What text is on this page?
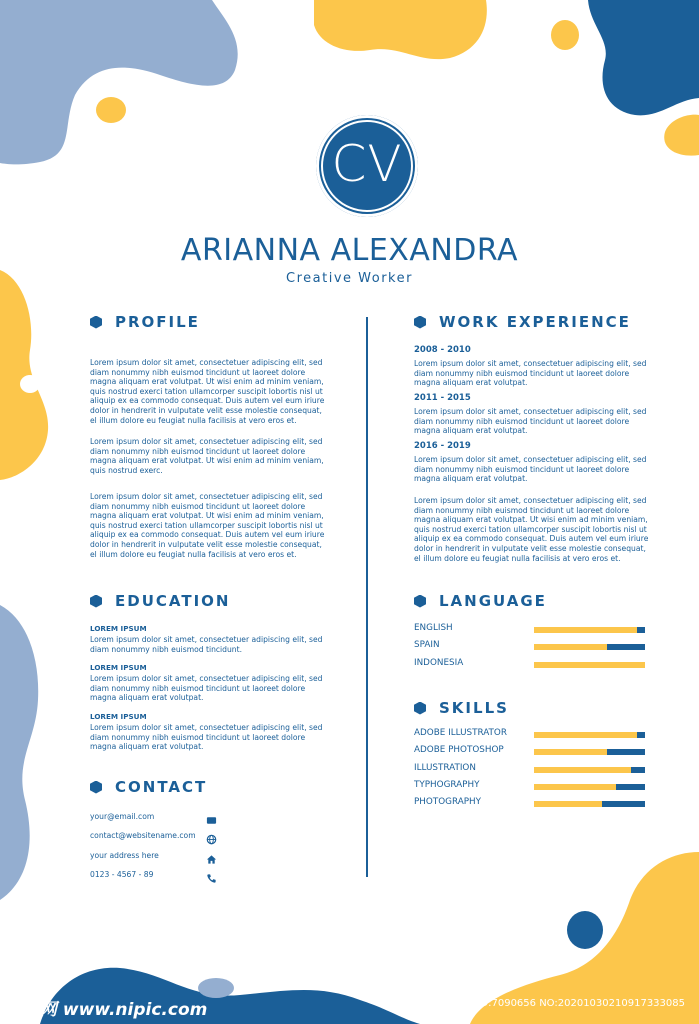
CV
ARIANNA ALEXANDRA
Creative Worker
PROFILE
Lorem ipsum dolor sit amet, consectetuer adipiscing elit, sed
diam nonummy nibh euismod tincidunt ut laoreet dolore
magna aliquam erat volutpat. Ut wisi enim ad minim veniam,
quis nostrud exerci tation ullamcorper suscipit lobortis nisl ut
aliquip ex ea commodo consequat. Duis autem vel eum iriure
dolor in hendrerit in vulputate velit esse molestie consequat,
el illum dolore eu feugiat nulla facilisis at vero eros et.
Lorem ipsum dolor sit amet, consectetuer adipiscing elit, sed
diam nonummy nibh euismod tincidunt ut laoreet dolore
magna aliquam erat volutpat. Ut wisi enim ad minim veniam,
quis nostrud exerc.
Lorem ipsum dolor sit amet, consectetuer adipiscing elit, sed
diam nonummy nibh euismod tincidunt ut laoreet dolore
magna aliquam erat volutpat. Ut wisi enim ad minim veniam,
quis nostrud exerci tation ullamcorper suscipit lobortis nisl ut
aliquip ex ea commodo consequat. Duis autem vel eum iriure
dolor in hendrerit in vulputate velit esse molestie consequat,
el illum dolore eu feugiat nulla facilisis at vero eros et.
EDUCATION
LOREM IPSUM
Lorem ipsum dolor sit amet, consectetuer adipiscing elit, sed
diam nonummy nibh euismod tincidunt.
LOREM IPSUM
Lorem ipsum dolor sit amet, consectetuer adipiscing elit, sed
diam nonummy nibh euismod tincidunt ut laoreet dolore
magna aliquam erat volutpat.
LOREM IPSUM
Lorem ipsum dolor sit amet, consectetuer adipiscing elit, sed
diam nonummy nibh euismod tincidunt ut laoreet dolore
magna aliquam erat volutpat.
CONTACT
your@email.com
contact@websitename.com
your address here
0123 - 4567 - 89
WORK EXPERIENCE
2008 - 2010
Lorem ipsum dolor sit amet, consectetuer adipiscing elit, sed
diam nonummy nibh euismod tincidunt ut laoreet dolore
magna aliquam erat volutpat.
2011 - 2015
Lorem ipsum dolor sit amet, consectetuer adipiscing elit, sed
diam nonummy nibh euismod tincidunt ut laoreet dolore
magna aliquam erat volutpat.
2016 - 2019
Lorem ipsum dolor sit amet, consectetuer adipiscing elit, sed
diam nonummy nibh euismod tincidunt ut laoreet dolore
magna aliquam erat volutpat.
Lorem ipsum dolor sit amet, consectetuer adipiscing elit, sed
diam nonummy nibh euismod tincidunt ut laoreet dolore
magna aliquam erat volutpat. Ut wisi enim ad minim veniam,
quis nostrud exerci tation ullamcorper suscipit lobortis nisl ut
aliquip ex ea commodo consequat. Duis autem vel eum iriure
dolor in hendrerit in vulputate velit esse molestie consequat,
el illum dolore eu feugiat nulla facilisis at vero eros et.
LANGUAGE
ENGLISH
SPAIN
INDONESIA
SKILLS
ADOBE ILLUSTRATOR
ADOBE PHOTOSHOP
ILLUSTRATION
TYPHOGRAPHY
PHOTOGRAPHY
昵享网 www.nipic.com	ID:7090656 NO:20201030210917333085
